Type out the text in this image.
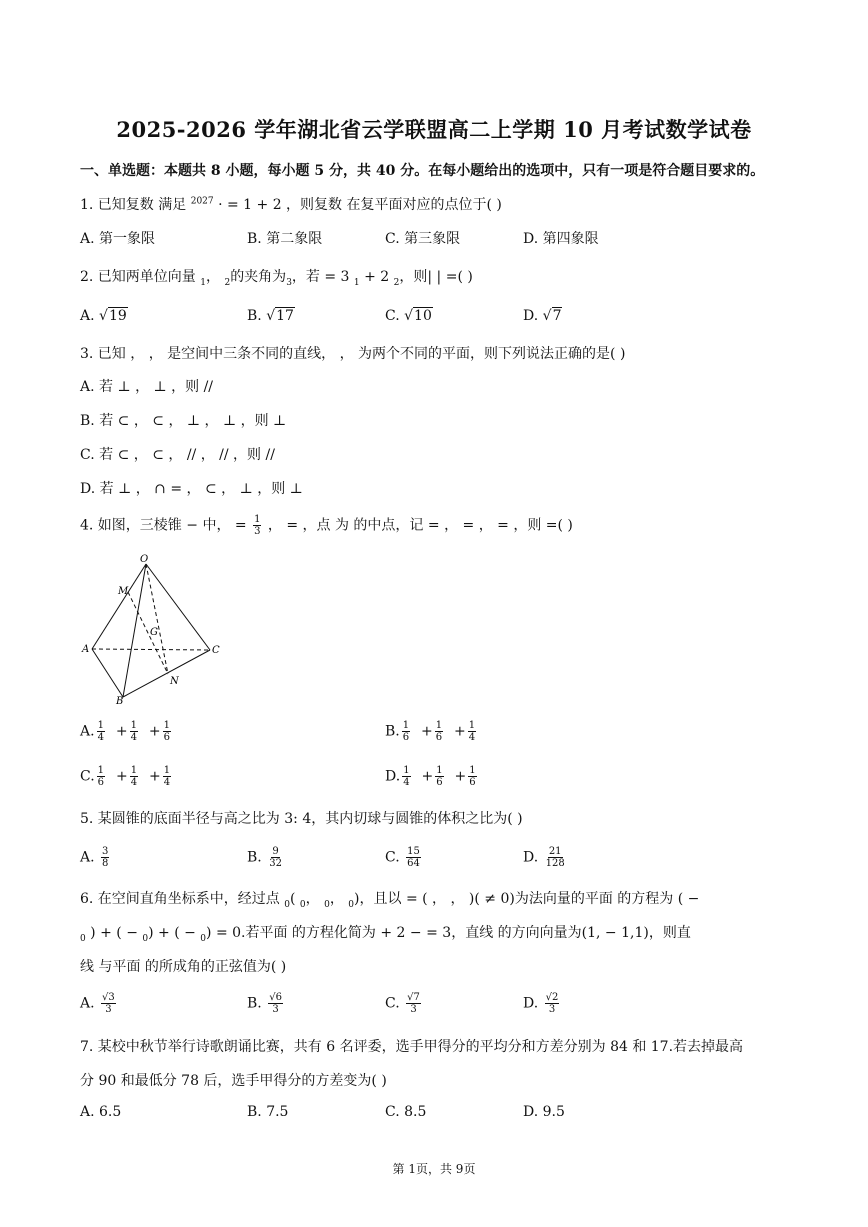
2025-2026 学年湖北省云学联盟高二上学期 10 月考试数学试卷
一、单选题：本题共 8 小题，每小题 5 分，共 40 分。在每小题给出的选项中，只有一项是符合题目要求的。
1. 已知复数 满足 $^{2027}$ · = 1 + 2 ，则复数 在复平面对应的点位于( )
A. 第一象限	B. 第二象限	C. 第三象限	D. 第四象限
2. 已知两单位向量 $_1$， $_2$的夹角为$_3$，若 = 3 $_1$ + 2 $_2$，则| | =( )
A. √19	B. √17	C. √10	D. √7
3. 已知 ， ， 是空间中三条不同的直线， ， 为两个不同的平面，则下列说法正确的是( )
A. 若 ⊥ ， ⊥ ，则 //
B. 若 ⊂ ， ⊂ ， ⊥ ， ⊥ ，则 ⊥
C. 若 ⊂ ， ⊂ ， // ， // ，则 //
D. 若 ⊥ ， ∩ = ， ⊂ ， ⊥ ，则 ⊥
4. 如图，三棱锥 − 中， = $\frac{1}{3}$ ， = ，点 为 的中点，记 = ， = ， = ，则 =( )
O
M
G
A
B
C
N
A. $\frac{1}{4} + \frac{1}{4} + \frac{1}{6}$	B. $\frac{1}{6} + \frac{1}{6} + \frac{1}{4}$
C. $\frac{1}{6} + \frac{1}{4} + \frac{1}{4}$	D. $\frac{1}{4} + \frac{1}{6} + \frac{1}{6}$
5. 某圆锥的底面半径与高之比为 3: 4，其内切球与圆锥的体积之比为( )
A. $\frac{3}{8}$	B. $\frac{9}{32}$	C. $\frac{15}{64}$	D. $\frac{21}{128}$
6. 在空间直角坐标系中，经过点 $_0$( $_0$， $_0$， $_0$)，且以 = ( ， ， )( ≠ 0)为法向量的平面 的方程为 ( −
$_0$ ) + ( − $_0$) + ( − $_0$) = 0.若平面 的方程化简为 + 2 − = 3，直线 的方向向量为(1, − 1,1)，则直
线 与平面 的所成角的正弦值为( )
A. $\frac{√3}{3}$	B. $\frac{√6}{3}$	C. $\frac{√7}{3}$	D. $\frac{√2}{3}$
7. 某校中秋节举行诗歌朗诵比赛，共有 6 名评委，选手甲得分的平均分和方差分别为 84 和 17.若去掉最高
分 90 和最低分 78 后，选手甲得分的方差变为( )
A. 6.5	B. 7.5	C. 8.5	D. 9.5
第 1页，共 9页
